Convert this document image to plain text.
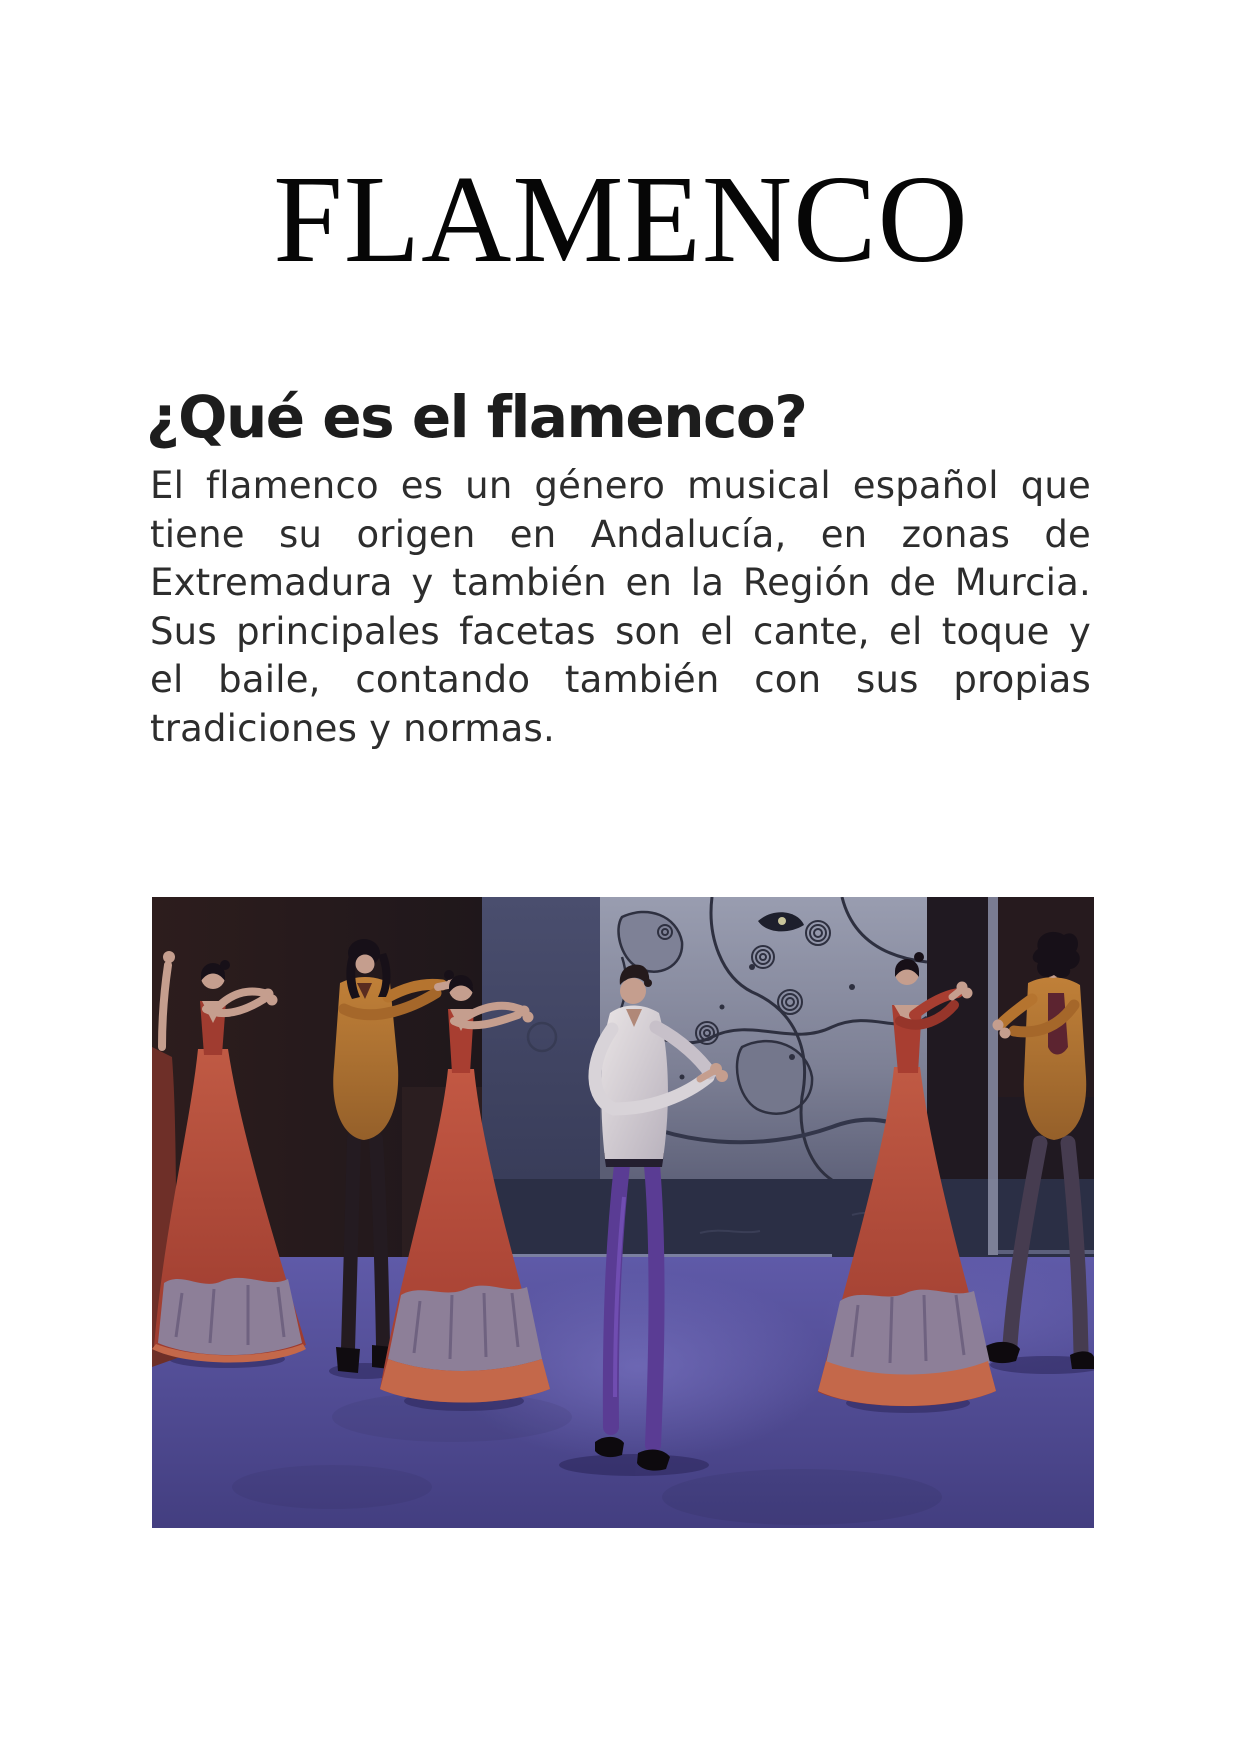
FLAMENCO
¿Qué es el flamenco?
El flamenco es un género musical español que
tiene su origen en Andalucía, en zonas de
Extremadura y también en la Región de Murcia.
Sus principales facetas son el cante, el toque y
el baile, contando también con sus propias
tradiciones y normas.
